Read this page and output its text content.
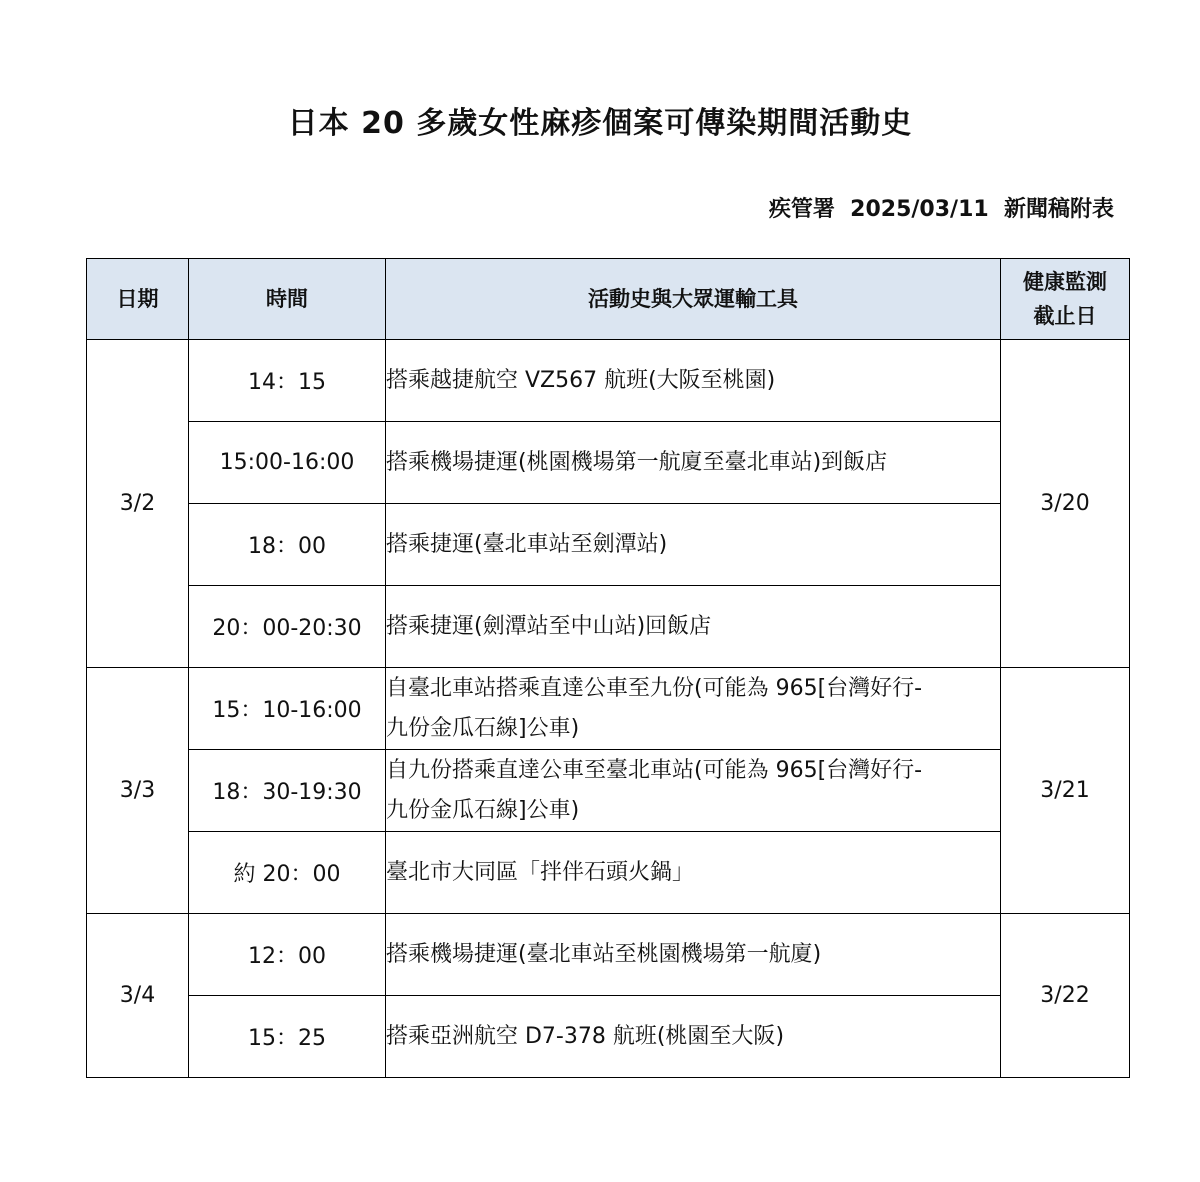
日本 20 多歲女性麻疹個案可傳染期間活動史
疾管署  2025/03/11  新聞稿附表
日期	時間	活動史與大眾運輸工具	健康監測
截止日

3/2	14：15	搭乘越捷航空 VZ567 航班(大阪至桃園)	3/20
	15:00-16:00	搭乘機場捷運(桃園機場第一航廈至臺北車站)到飯店	
	18：00	搭乘捷運(臺北車站至劍潭站)	
	20：00-20:30	搭乘捷運(劍潭站至中山站)回飯店	
3/3	15：10-16:00	自臺北車站搭乘直達公車至九份(可能為 965[台灣好行-
九份金瓜石線]公車)	3/21
	18：30-19:30	自九份搭乘直達公車至臺北車站(可能為 965[台灣好行-
九份金瓜石線]公車)	

	約 20：00	臺北市大同區「拌伴石頭火鍋」	
3/4	12：00	搭乘機場捷運(臺北車站至桃園機場第一航廈)	3/22
	15：25	搭乘亞洲航空 D7-378 航班(桃園至大阪)	
